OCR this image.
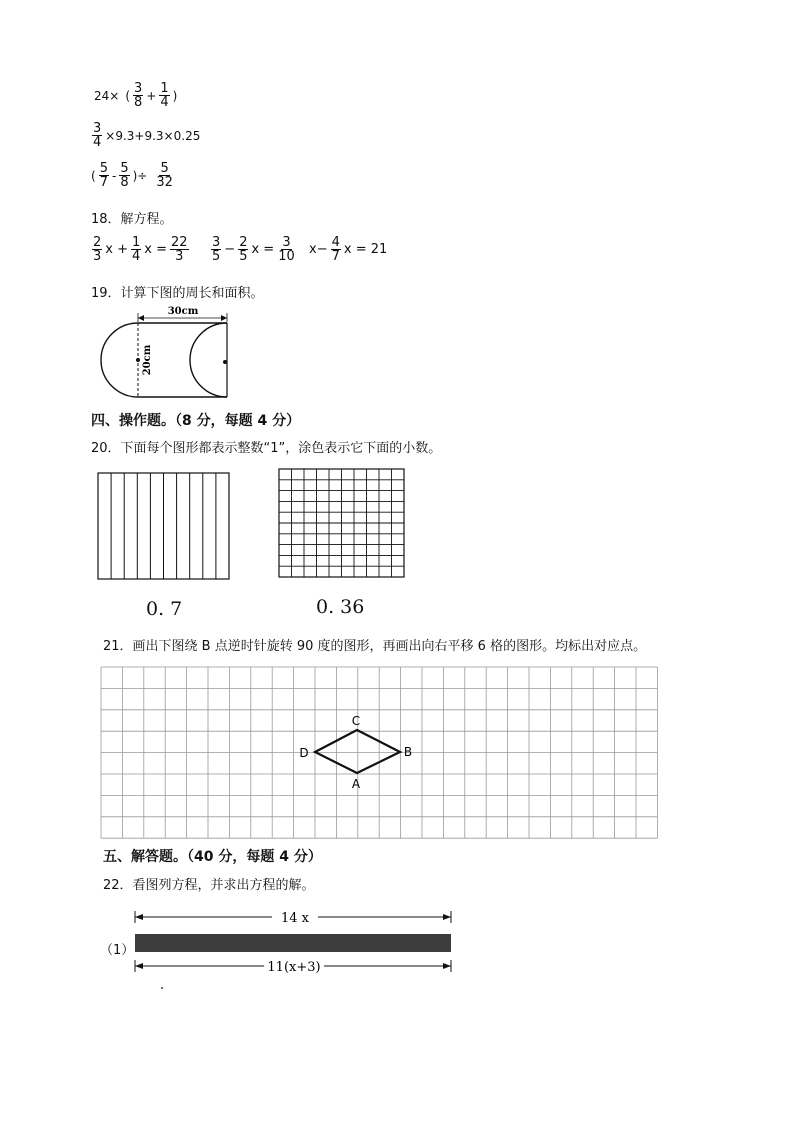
24× ( $\frac{3}{8} + \frac{1}{4}$ )
$\frac{3}{4} \times 9.3+9.3\times 0.25$
( $\frac{5}{7} - \frac{5}{8}$ )÷ $\frac{5}{32}$
18．解方程。
$\frac{2}{3}$ $x + \frac{1}{4}$ $x = \frac{22}{3} \frac{3}{5} - \frac{2}{5}$ $x = \frac{3}{10} x- \frac{4}{7}$ x = 21
19．计算下图的周长和面积。
30cm
20cm
四、操作题。（8 分，每题 4 分）
20．下面每个图形都表示整数“1”，涂色表示它下面的小数。
0. 7	0. 36
21．画出下图绕 B 点逆时针旋转 90 度的图形，再画出向右平移 6 格的图形。均标出对应点。
C
D	B
A
五、解答题。（40 分，每题 4 分）
22．看图列方程，并求出方程的解。
（1）
14 x
11(x+3)
